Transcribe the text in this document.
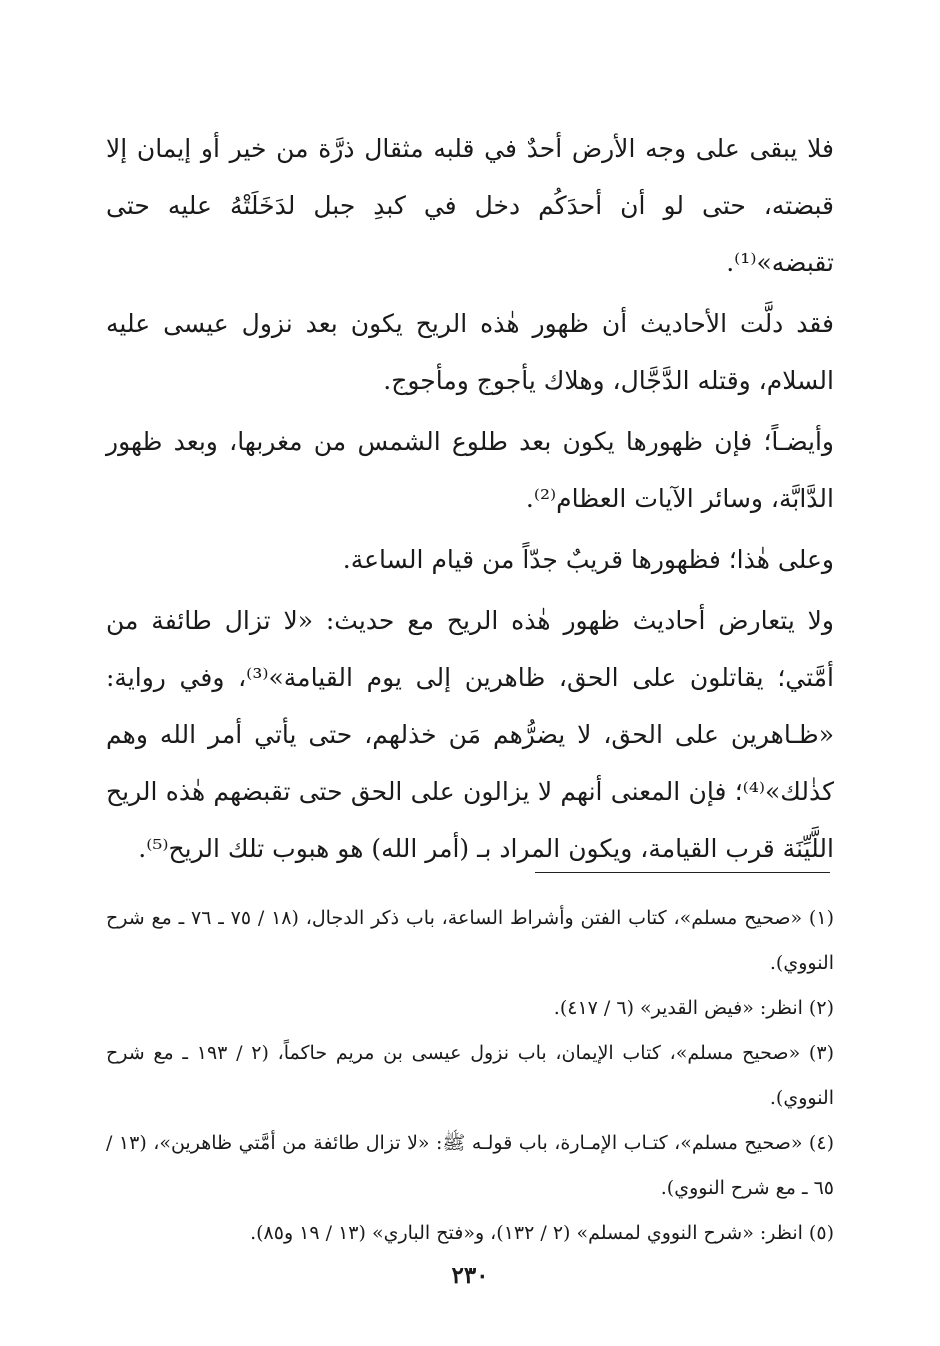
فلا يبقى على وجه الأرض أحدٌ في قلبه مثقال ذرَّة من خير أو إيمان إلا قبضته، حتى لو أن أحدَكُم دخل في كبدِ جبل لدَخَلَتْهُ عليه حتى تقبضه»⁽¹⁾.

فقد دلَّت الأحاديث أن ظهور هٰذه الريح يكون بعد نزول عيسى عليه السلام، وقتله الدَّجَّال، وهلاك يأجوج ومأجوج.

وأيضـاً؛ فإن ظهورها يكون بعد طلوع الشمس من مغربها، وبعد ظهور الدَّابَّة، وسائر الآيات العظام⁽²⁾.

وعلى هٰذا؛ فظهورها قريبٌ جدّاً من قيام الساعة.

ولا يتعارض أحاديث ظهور هٰذه الريح مع حديث: «لا تزال طائفة من أمَّتي؛ يقاتلون على الحق، ظاهرين إلى يوم القيامة»⁽³⁾، وفي رواية: «ظـاهرين على الحق، لا يضرُّهم مَن خذلهم، حتى يأتي أمر الله وهم كذٰلك»⁽⁴⁾؛ فإن المعنى أنهم لا يزالون على الحق حتى تقبضهم هٰذه الريح اللَّيِّنَة قرب القيامة، ويكون المراد بـ (أمر الله) هو هبوب تلك الريح⁽⁵⁾.

(١) «صحيح مسلم»، كتاب الفتن وأشراط الساعة، باب ذكر الدجال، (١٨ / ٧٥ ـ ٧٦ ـ مع شرح النووي).

(٢) انظر: «فيض القدير» (٦ / ٤١٧).

(٣) «صحيح مسلم»، كتاب الإيمان، باب نزول عيسى بن مريم حاكماً، (٢ / ١٩٣ ـ مع شرح النووي).

(٤) «صحيح مسلم»، كتـاب الإمـارة، باب قولـه ﷺ: «لا تزال طائفة من أمَّتي ظاهرين»، (١٣ / ٦٥ ـ مع شرح النووي).

(٥) انظر: «شرح النووي لمسلم» (٢ / ١٣٢)، و«فتح الباري» (١٣ / ١٩ و٨٥).

٢٣٠
